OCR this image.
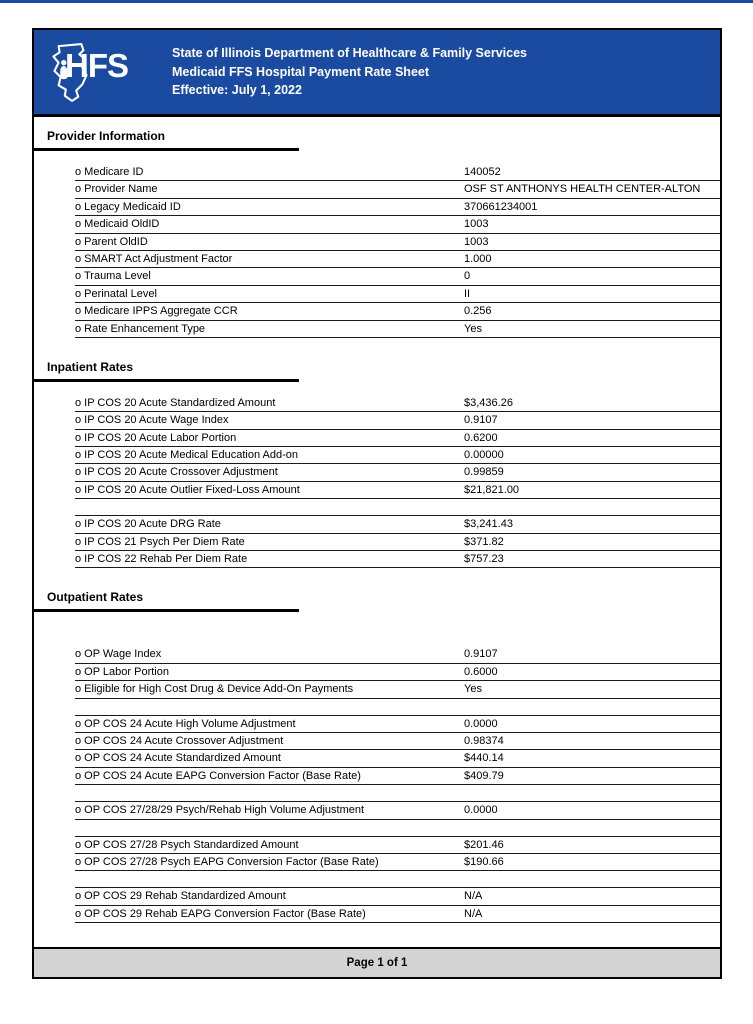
HFS	State of Illinois Department of Healthcare & Family Services
Medicaid FFS Hospital Payment Rate Sheet
Effective: July 1, 2022
Provider Information
o Medicare ID	140052
o Provider Name	OSF ST ANTHONYS HEALTH CENTER-ALTON
o Legacy Medicaid ID	370661234001
o Medicaid OldID	1003
o Parent OldID	1003
o SMART Act Adjustment Factor	1.000
o Trauma Level	0
o Perinatal Level	II
o Medicare IPPS Aggregate CCR	0.256
o Rate Enhancement Type	Yes
Inpatient Rates
o IP COS 20 Acute Standardized Amount	$3,436.26
o IP COS 20 Acute Wage Index	0.9107
o IP COS 20 Acute Labor Portion	0.6200
o IP COS 20 Acute Medical Education Add-on	0.00000
o IP COS 20 Acute Crossover Adjustment	0.99859
o IP COS 20 Acute Outlier Fixed-Loss Amount	$21,821.00
o IP COS 20 Acute DRG Rate	$3,241.43
o IP COS 21 Psych Per Diem Rate	$371.82
o IP COS 22 Rehab Per Diem Rate	$757.23
Outpatient Rates
o OP Wage Index	0.9107
o OP Labor Portion	0.6000
o Eligible for High Cost Drug & Device Add-On Payments	Yes
o OP COS 24 Acute High Volume Adjustment	0.0000
o OP COS 24 Acute Crossover Adjustment	0.98374
o OP COS 24 Acute Standardized Amount	$440.14
o OP COS 24 Acute EAPG Conversion Factor (Base Rate)	$409.79
o OP COS 27/28/29 Psych/Rehab High Volume Adjustment	0.0000
o OP COS 27/28 Psych Standardized Amount	$201.46
o OP COS 27/28 Psych EAPG Conversion Factor (Base Rate)	$190.66
o OP COS 29 Rehab Standardized Amount	N/A
o OP COS 29 Rehab EAPG Conversion Factor (Base Rate)	N/A
Page 1 of 1
